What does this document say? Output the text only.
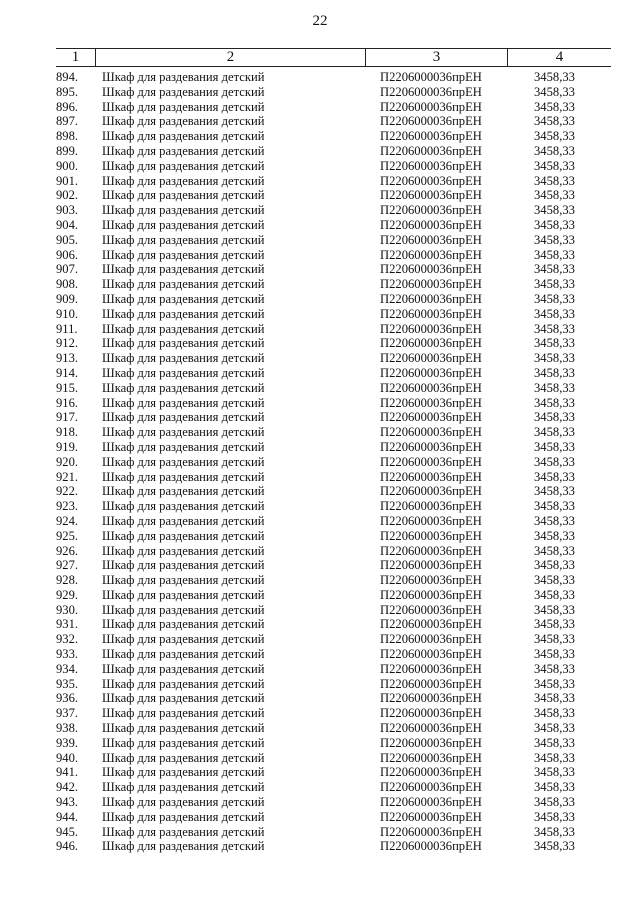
22
1	2	3	4
894.	Шкаф для раздевания детский	П2206000036прЕН	3458,33
895.	Шкаф для раздевания детский	П2206000036прЕН	3458,33
896.	Шкаф для раздевания детский	П2206000036прЕН	3458,33
897.	Шкаф для раздевания детский	П2206000036прЕН	3458,33
898.	Шкаф для раздевания детский	П2206000036прЕН	3458,33
899.	Шкаф для раздевания детский	П2206000036прЕН	3458,33
900.	Шкаф для раздевания детский	П2206000036прЕН	3458,33
901.	Шкаф для раздевания детский	П2206000036прЕН	3458,33
902.	Шкаф для раздевания детский	П2206000036прЕН	3458,33
903.	Шкаф для раздевания детский	П2206000036прЕН	3458,33
904.	Шкаф для раздевания детский	П2206000036прЕН	3458,33
905.	Шкаф для раздевания детский	П2206000036прЕН	3458,33
906.	Шкаф для раздевания детский	П2206000036прЕН	3458,33
907.	Шкаф для раздевания детский	П2206000036прЕН	3458,33
908.	Шкаф для раздевания детский	П2206000036прЕН	3458,33
909.	Шкаф для раздевания детский	П2206000036прЕН	3458,33
910.	Шкаф для раздевания детский	П2206000036прЕН	3458,33
911.	Шкаф для раздевания детский	П2206000036прЕН	3458,33
912.	Шкаф для раздевания детский	П2206000036прЕН	3458,33
913.	Шкаф для раздевания детский	П2206000036прЕН	3458,33
914.	Шкаф для раздевания детский	П2206000036прЕН	3458,33
915.	Шкаф для раздевания детский	П2206000036прЕН	3458,33
916.	Шкаф для раздевания детский	П2206000036прЕН	3458,33
917.	Шкаф для раздевания детский	П2206000036прЕН	3458,33
918.	Шкаф для раздевания детский	П2206000036прЕН	3458,33
919.	Шкаф для раздевания детский	П2206000036прЕН	3458,33
920.	Шкаф для раздевания детский	П2206000036прЕН	3458,33
921.	Шкаф для раздевания детский	П2206000036прЕН	3458,33
922.	Шкаф для раздевания детский	П2206000036прЕН	3458,33
923.	Шкаф для раздевания детский	П2206000036прЕН	3458,33
924.	Шкаф для раздевания детский	П2206000036прЕН	3458,33
925.	Шкаф для раздевания детский	П2206000036прЕН	3458,33
926.	Шкаф для раздевания детский	П2206000036прЕН	3458,33
927.	Шкаф для раздевания детский	П2206000036прЕН	3458,33
928.	Шкаф для раздевания детский	П2206000036прЕН	3458,33
929.	Шкаф для раздевания детский	П2206000036прЕН	3458,33
930.	Шкаф для раздевания детский	П2206000036прЕН	3458,33
931.	Шкаф для раздевания детский	П2206000036прЕН	3458,33
932.	Шкаф для раздевания детский	П2206000036прЕН	3458,33
933.	Шкаф для раздевания детский	П2206000036прЕН	3458,33
934.	Шкаф для раздевания детский	П2206000036прЕН	3458,33
935.	Шкаф для раздевания детский	П2206000036прЕН	3458,33
936.	Шкаф для раздевания детский	П2206000036прЕН	3458,33
937.	Шкаф для раздевания детский	П2206000036прЕН	3458,33
938.	Шкаф для раздевания детский	П2206000036прЕН	3458,33
939.	Шкаф для раздевания детский	П2206000036прЕН	3458,33
940.	Шкаф для раздевания детский	П2206000036прЕН	3458,33
941.	Шкаф для раздевания детский	П2206000036прЕН	3458,33
942.	Шкаф для раздевания детский	П2206000036прЕН	3458,33
943.	Шкаф для раздевания детский	П2206000036прЕН	3458,33
944.	Шкаф для раздевания детский	П2206000036прЕН	3458,33
945.	Шкаф для раздевания детский	П2206000036прЕН	3458,33
946.	Шкаф для раздевания детский	П2206000036прЕН	3458,33
